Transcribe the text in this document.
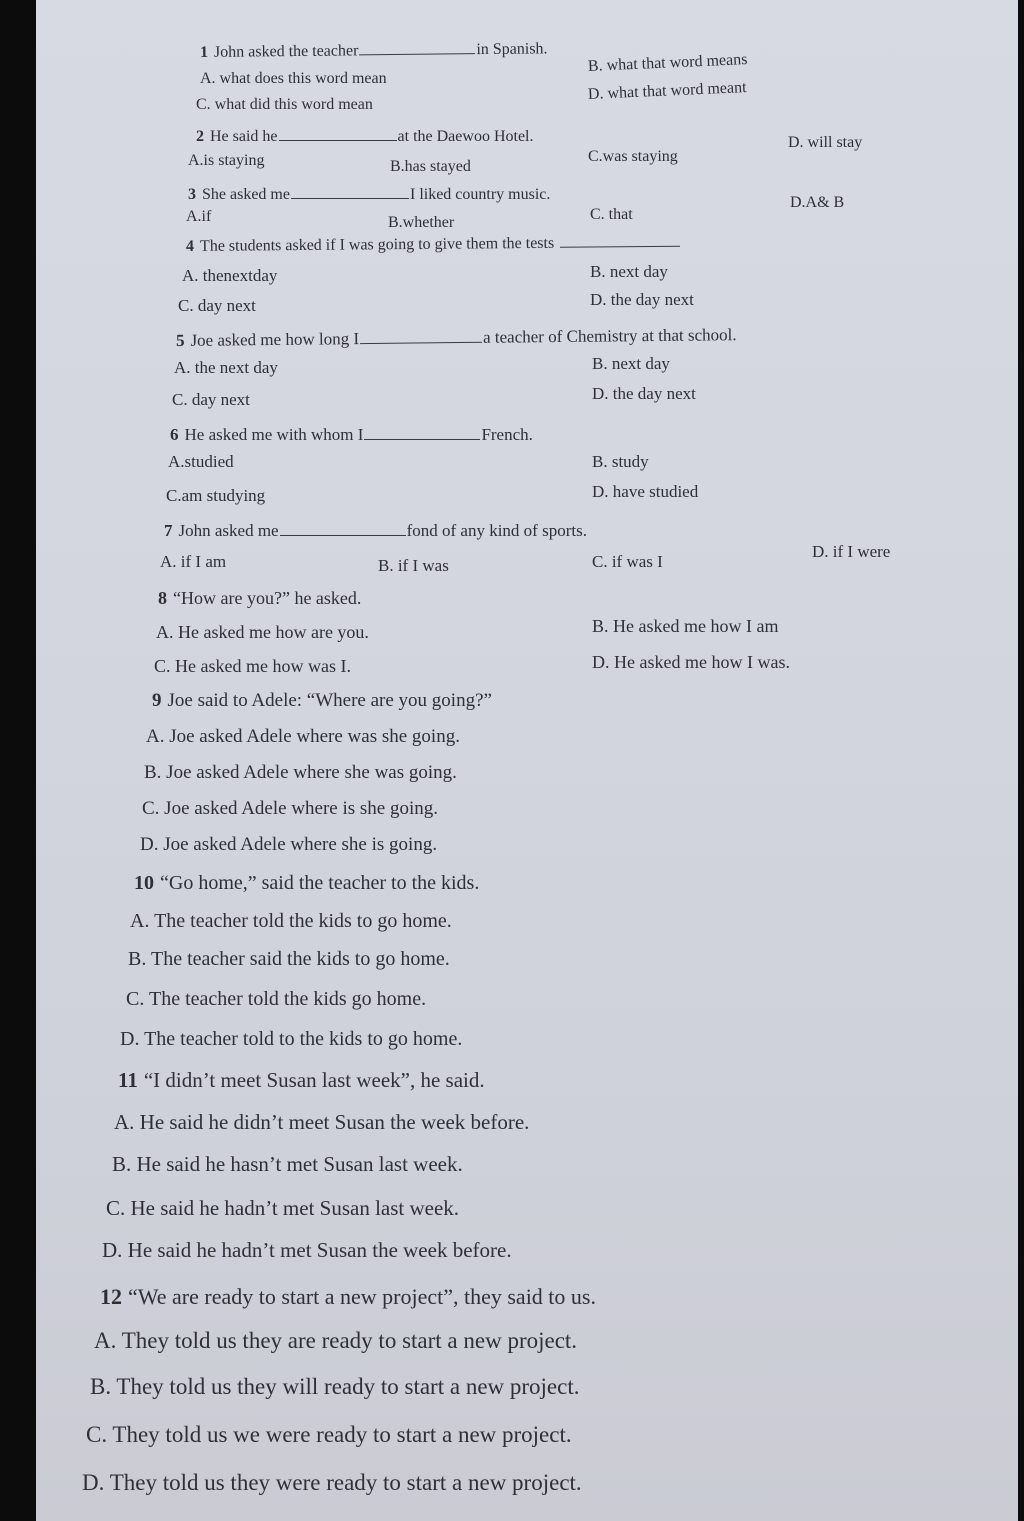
1 John asked the teacher	in Spanish.
A. what does this word mean
B. what that word means
C. what did this word mean
D. what that word meant
2 He said he	at the Daewoo Hotel.
A.is staying	B.has stayed
C.was staying
D. will stay
3 She asked me	I liked country music.
A.if	B.whether	C. that
D.A& B
4 The students asked if I was going to give them the tests
A. thenextday	B. next day
C. day next	D. the day next
5 Joe asked me how long I	a teacher of Chemistry at that school.
A. the next day	B. next day
C. day next	D. the day next
6 He asked me with whom I	French.
A.studied	B. study
C.am studying	D. have studied
7 John asked me	fond of any kind of sports.
A. if I am	B. if I was	C. if was I
D. if I were
8 “How are you?” he asked.
A. He asked me how are you.	B. He asked me how I am
C. He asked me how was I.	D. He asked me how I was.
9 Joe said to Adele: “Where are you going?”
A. Joe asked Adele where was she going.
B. Joe asked Adele where she was going.
C. Joe asked Adele where is she going.
D. Joe asked Adele where she is going.
10 “Go home,” said the teacher to the kids.
A. The teacher told the kids to go home.
B. The teacher said the kids to go home.
C. The teacher told the kids go home.
D. The teacher told to the kids to go home.
11 “I didn’t meet Susan last week”, he said.
A. He said he didn’t meet Susan the week before.
B. He said he hasn’t met Susan last week.
C. He said he hadn’t met Susan last week.
D. He said he hadn’t met Susan the week before.
12 “We are ready to start a new project”, they said to us.
A. They told us they are ready to start a new project.
B. They told us they will ready to start a new project.
C. They told us we were ready to start a new project.
D. They told us they were ready to start a new project.
